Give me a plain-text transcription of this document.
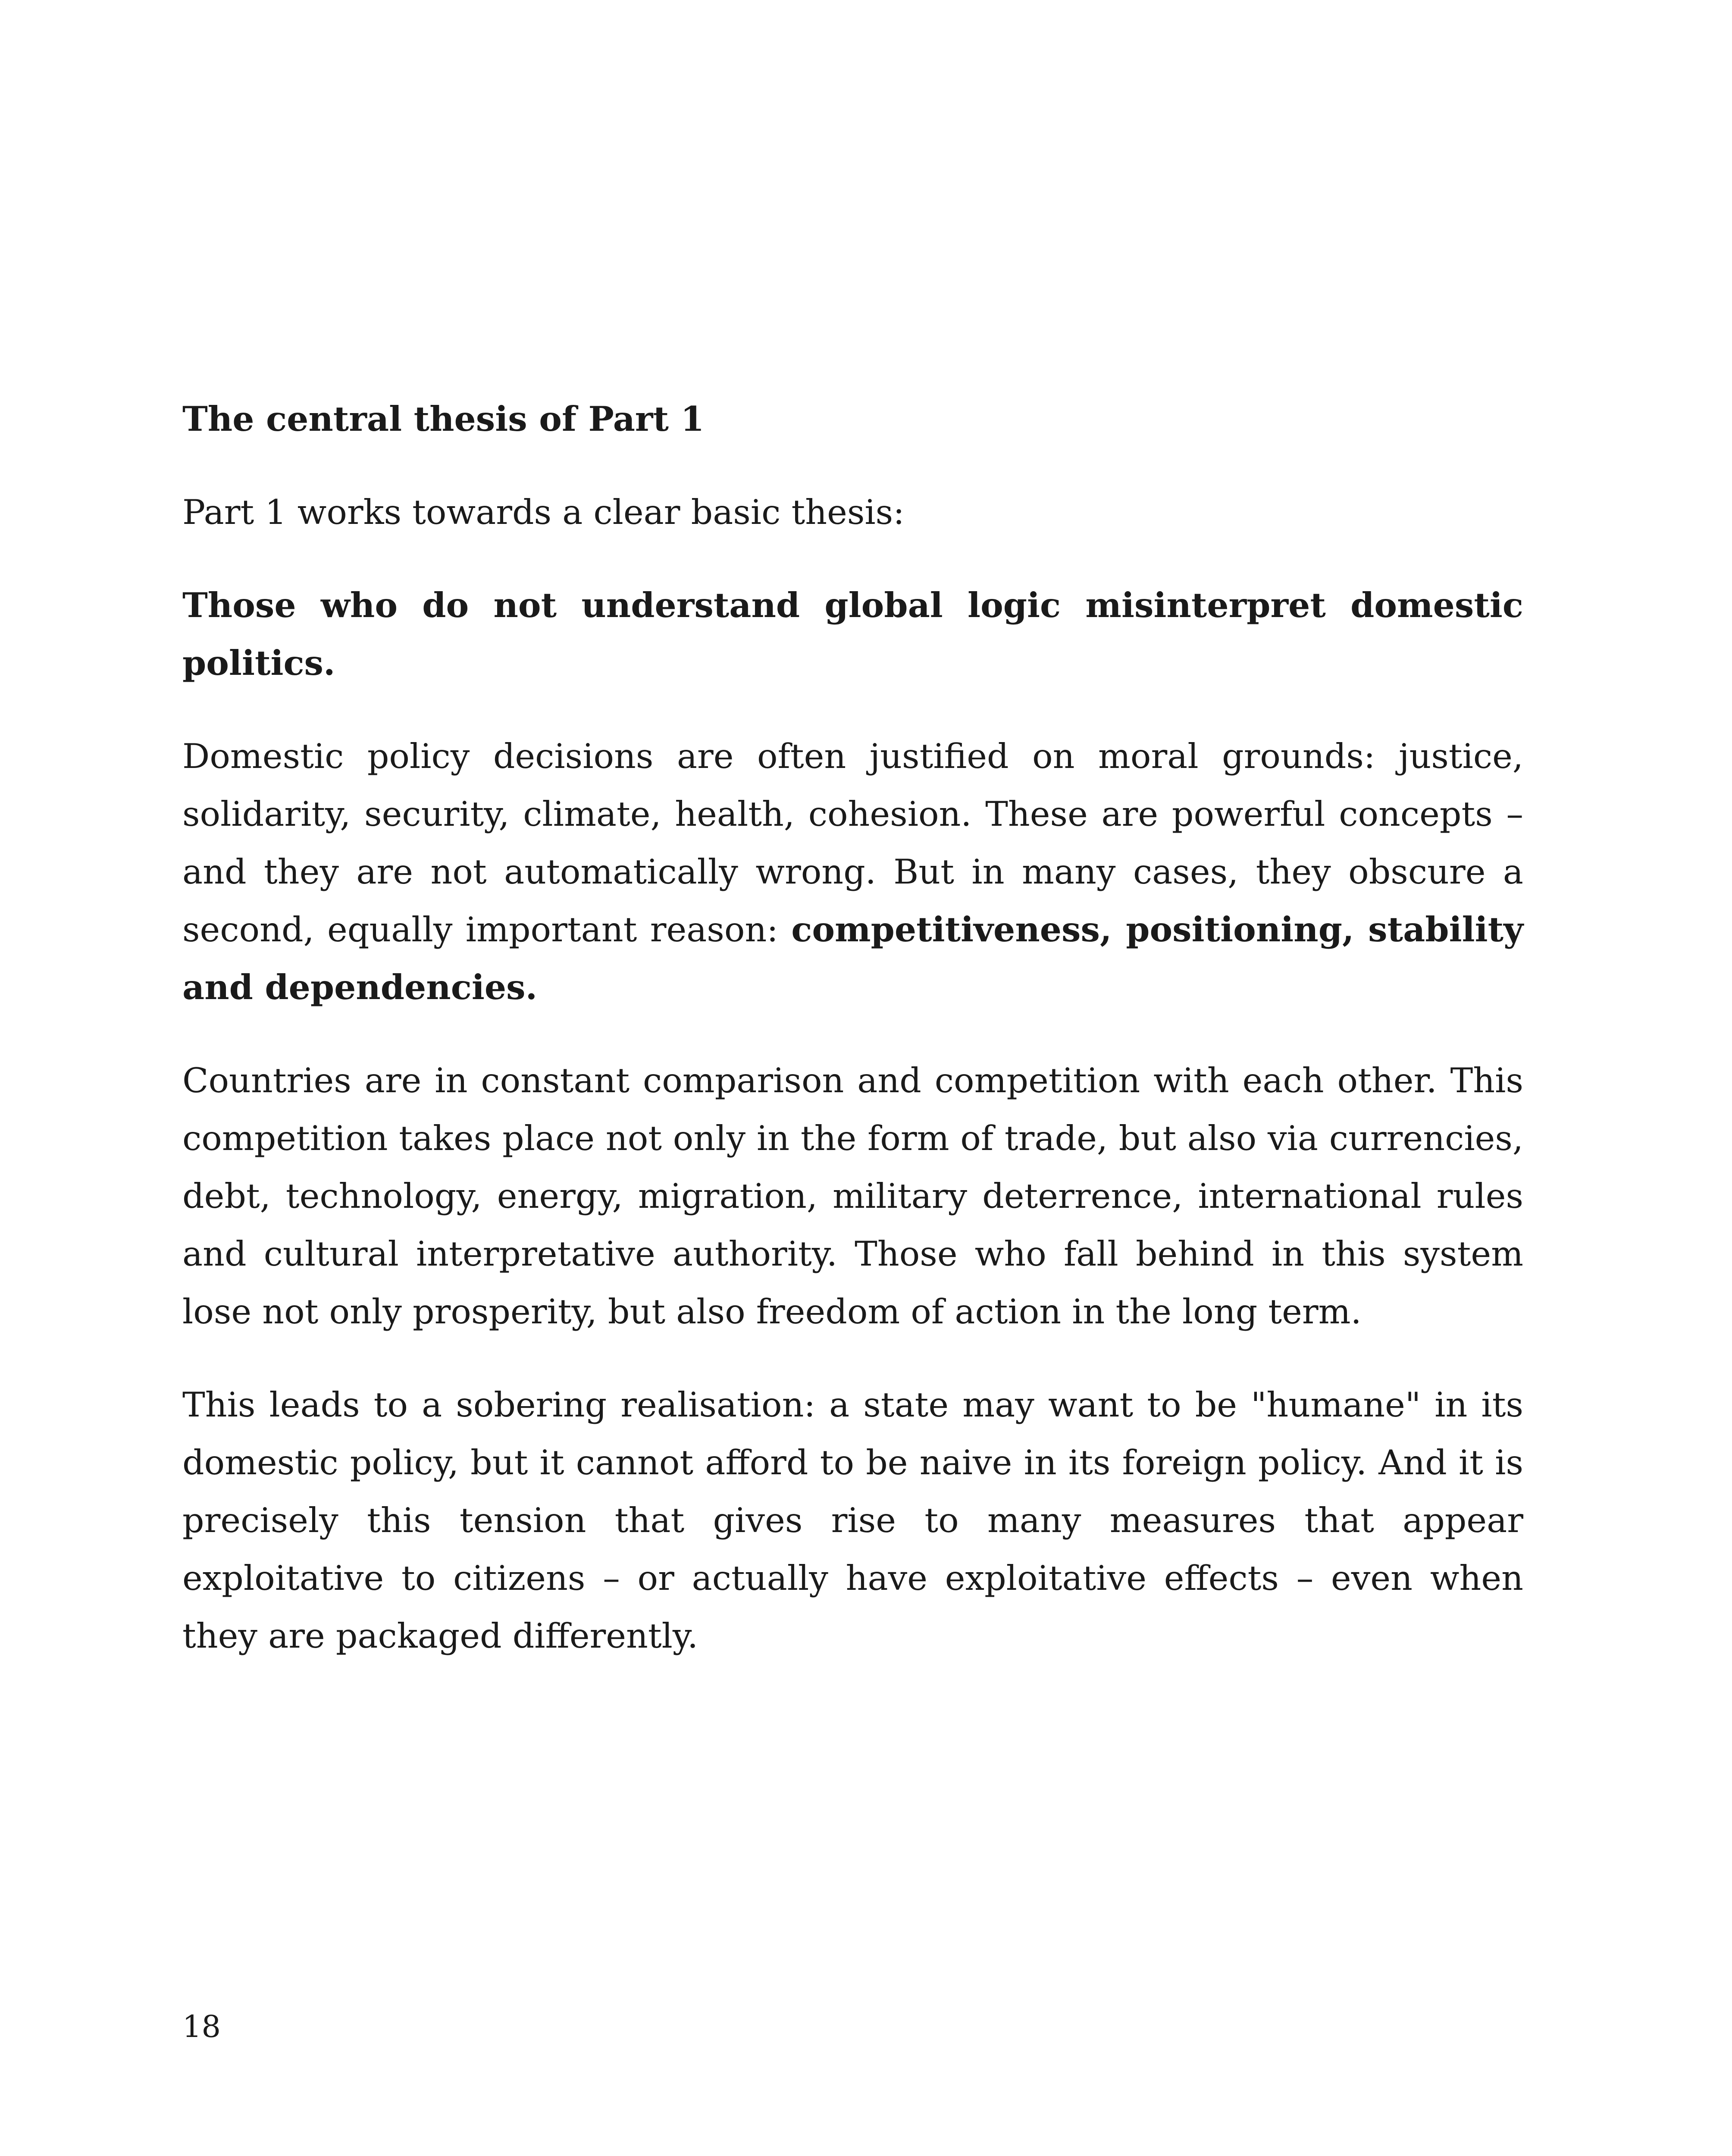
The central thesis of Part 1

Part 1 works towards a clear basic thesis:

Those who do not understand global logic misinterpret domestic politics.

Domestic policy decisions are often justified on moral grounds: justice, solidarity, security, climate, health, cohesion. These are powerful concepts – and they are not automatically wrong. But in many cases, they obscure a second, equally important reason: competitiveness, positioning, stability and dependencies.

Countries are in constant comparison and competition with each other. This competition takes place not only in the form of trade, but also via currencies, debt, technology, energy, migration, military deterrence, international rules and cultural interpretative authority. Those who fall behind in this system lose not only prosperity, but also freedom of action in the long term.

This leads to a sobering realisation: a state may want to be "humane" in its domestic policy, but it cannot afford to be naive in its foreign policy. And it is precisely this tension that gives rise to many measures that appear exploitative to citizens – or actually have exploitative effects – even when they are packaged differently.

18
